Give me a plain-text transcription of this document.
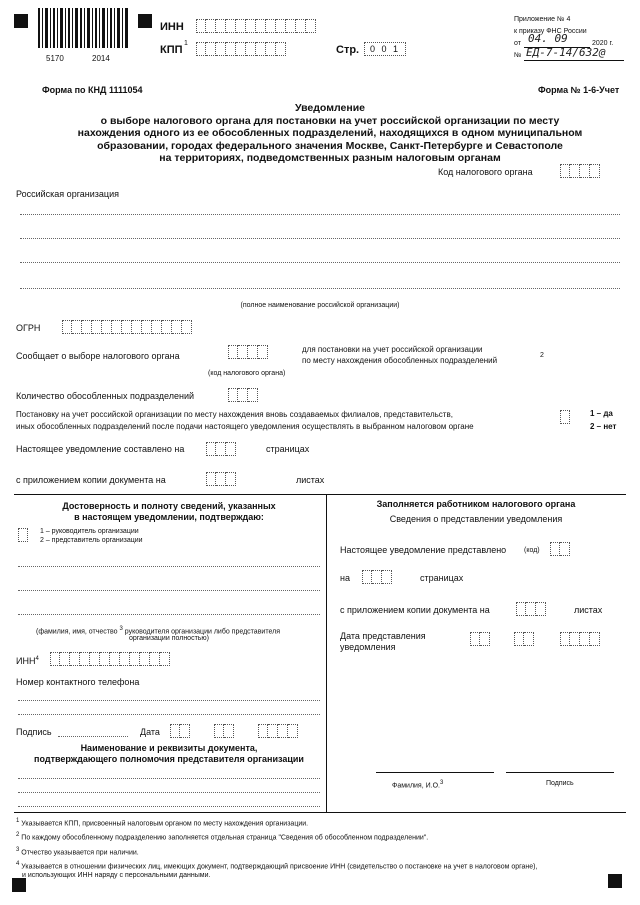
5170	2014
ИНН
КПП
1
Стр. 0 0 1
Приложение № 4
к приказу ФНС России
от 04. 09	2020 г.
№ ЕД-7-14/632@
Форма по КНД 1111054	Форма № 1-6-Учет
Уведомление
о выборе налогового органа для постановки на учет российской организации по месту
нахождения одного из ее обособленных подразделений, находящихся в одном муниципальном
образовании, городах федерального значения Москве, Санкт-Петербурге и Севастополе
на территориях, подведомственных разным налоговым органам
Код налогового органа
Российская организация
(полное наименование российской организации)
ОГРН
Сообщает о выборе налогового органа
(код налогового органа)
для постановки на учет российской организации
по месту нахождения обособленных подразделений
2
Количество обособленных подразделений
Постановку на учет российской организации по месту нахождения вновь создаваемых филиалов, представительств,
иных обособленных подразделений после подачи настоящего уведомления осуществлять в выбранном налоговом органе
1 – да
2 – нет
Настоящее уведомление составлено на	страницах
с приложением копии документа на	листах
Достоверность и полноту сведений, указанных
в настоящем уведомлении, подтверждаю:
1 – руководитель организации
2 – представитель организации
(фамилия, имя, отчество $^3$ руководителя организации либо представителя
организации полностью)
ИНН$^4$
Номер контактного телефона
Подпись	Дата
Наименование и реквизиты документа,
подтверждающего полномочия представителя организации
Заполняется работником налогового органа
Сведения о представлении уведомления
Настоящее уведомление представлено	(код)
на	страницах
с приложением копии документа на	листах
Дата представления
уведомления
Фамилия, И.О.$^3$	Подпись
$^1$ Указывается КПП, присвоенный налоговым органом по месту нахождения организации.
$^2$ По каждому обособленному подразделению заполняется отдельная страница "Сведения об обособленном подразделении".
$^3$ Отчество указывается при наличии.
$^4$ Указывается в отношении физических лиц, имеющих документ, подтверждающий присвоение ИНН (свидетельство о постановке на учет в налоговом органе),
и использующих ИНН наряду с персональными данными.
